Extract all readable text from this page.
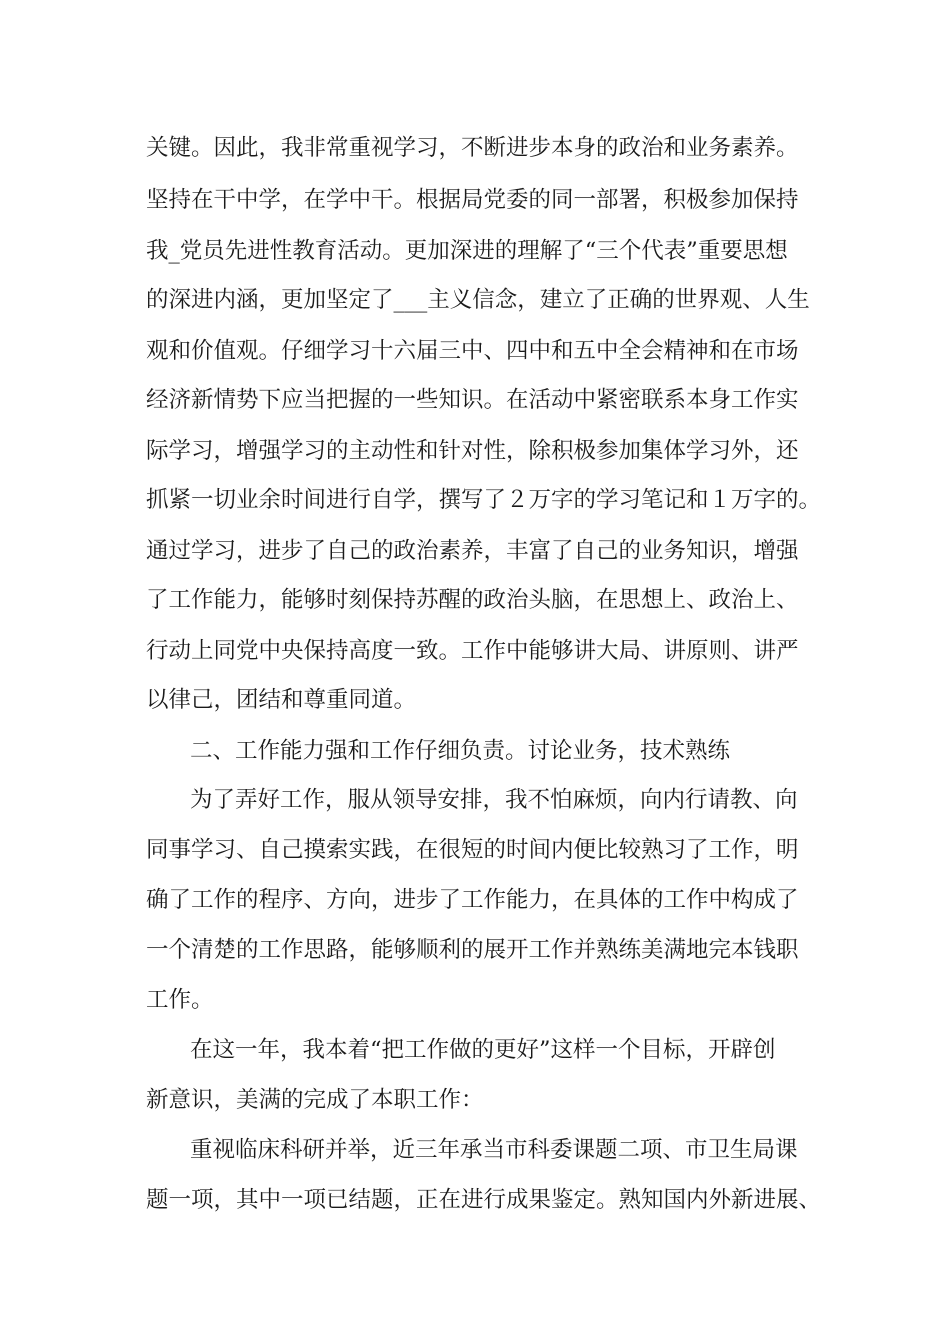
关键。因此，我非常重视学习，不断进步本身的政治和业务素养。
坚持在干中学，在学中干。根据局党委的同一部署，积极参加保持
我_党员先进性教育活动。更加深进的理解了“三个代表”重要思想
的深进内涵，更加坚定了___主义信念，建立了正确的世界观、人生
观和价值观。仔细学习十六届三中、四中和五中全会精神和在市场
经济新情势下应当把握的一些知识。在活动中紧密联系本身工作实
际学习，增强学习的主动性和针对性，除积极参加集体学习外，还
抓紧一切业余时间进行自学，撰写了２万字的学习笔记和１万字的。
通过学习，进步了自己的政治素养，丰富了自己的业务知识，增强
了工作能力，能够时刻保持苏醒的政治头脑，在思想上、政治上、
行动上同党中央保持高度一致。工作中能够讲大局、讲原则、讲严
以律己，团结和尊重同道。
二、工作能力强和工作仔细负责。讨论业务，技术熟练
为了弄好工作，服从领导安排，我不怕麻烦，向内行请教、向
同事学习、自己摸索实践，在很短的时间内便比较熟习了工作，明
确了工作的程序、方向，进步了工作能力，在具体的工作中构成了
一个清楚的工作思路，能够顺利的展开工作并熟练美满地完本钱职
工作。
在这一年，我本着“把工作做的更好”这样一个目标，开辟创
新意识，美满的完成了本职工作：
重视临床科研并举，近三年承当市科委课题二项、市卫生局课
题一项，其中一项已结题，正在进行成果鉴定。熟知国内外新进展、
